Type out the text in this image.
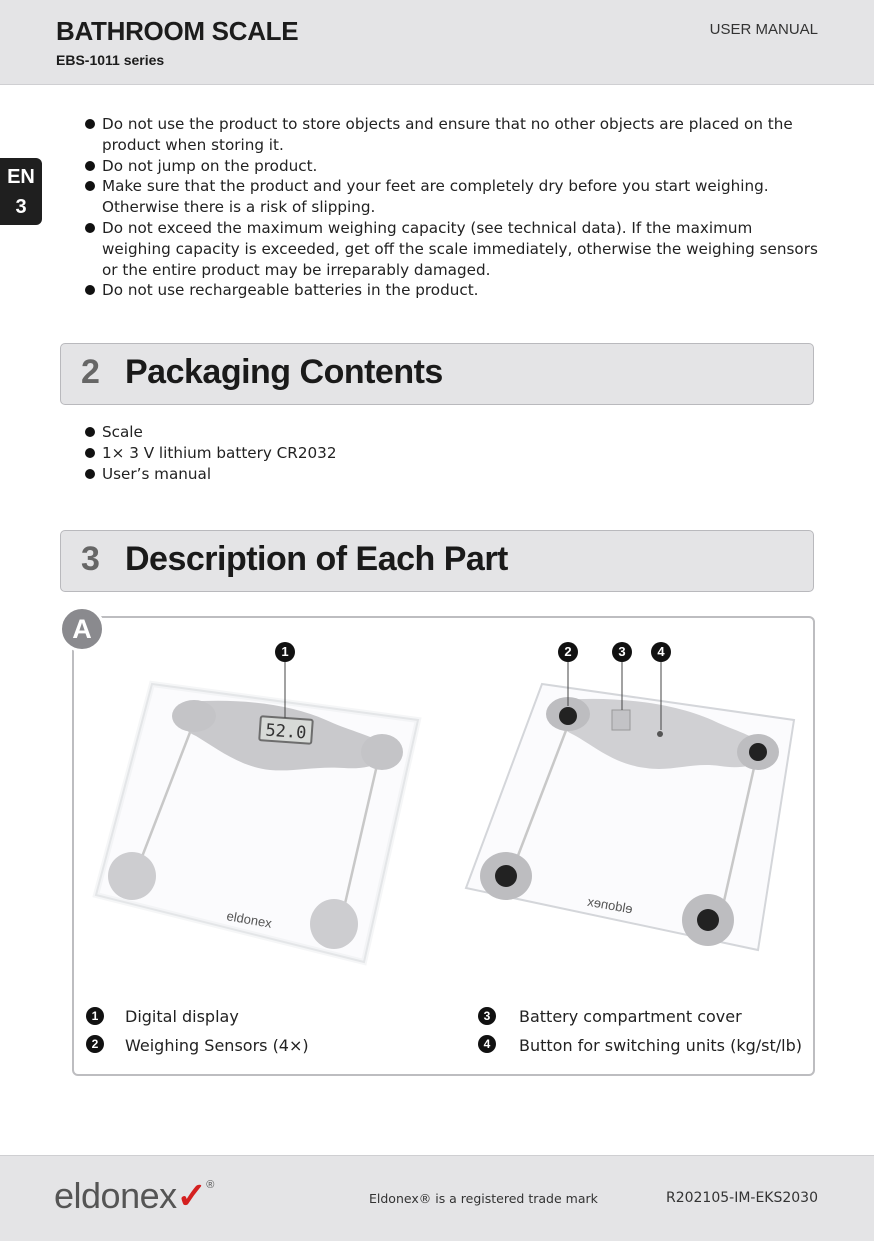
BATHROOM SCALE
EBS-1011 series
USER MANUAL
EN
3
Do not use the product to store objects and ensure that no other objects are placed on the product when storing it.
Do not jump on the product.
Make sure that the product and your feet are completely dry before you start weighing. Otherwise there is a risk of slipping.
Do not exceed the maximum weighing capacity (see technical data). If the maximum weighing capacity is exceeded, get off the scale immediately, otherwise the weighing sensors or the entire product may be irreparably damaged.
Do not use rechargeable batteries in the product.
2 Packaging Contents
Scale
1× 3 V lithium battery CR2032
User’s manual
3 Description of Each Part
A
52.0
eldonex
1
eldonex
2	3	4
1	Digital display
2	Weighing Sensors (4×)
3	Battery compartment cover
4	Button for switching units (kg/st/lb)
eldonex✓®
Eldonex® is a registered trade mark	R202105-IM-EKS2030
